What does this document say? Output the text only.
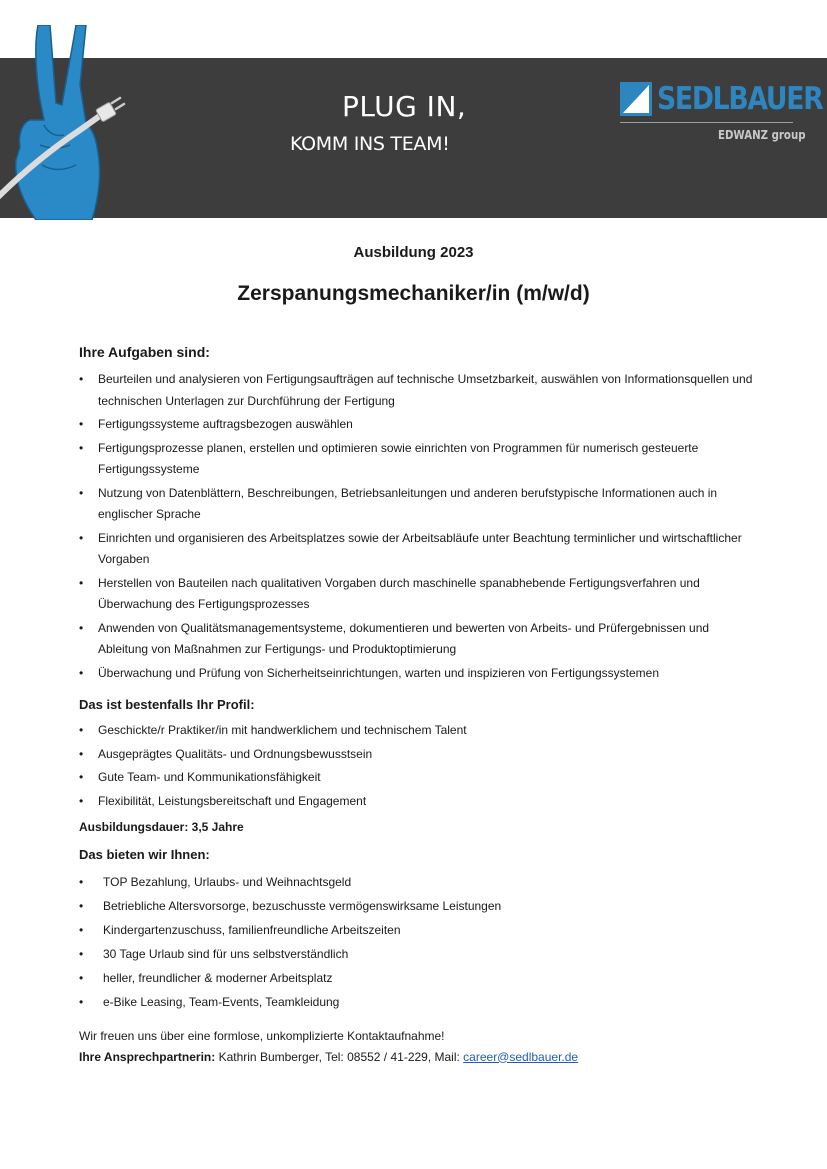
PLUG IN,
KOMM INS TEAM!
SEDLBAUER
EDWANZ group
Ausbildung 2023
Zerspanungsmechaniker/in (m/w/d)
Ihre Aufgaben sind:
• Beurteilen und analysieren von Fertigungsaufträgen auf technische Umsetzbarkeit, auswählen von Informationsquellen und technischen Unterlagen zur Durchführung der Fertigung
• Fertigungssysteme auftragsbezogen auswählen
• Fertigungsprozesse planen, erstellen und optimieren sowie einrichten von Programmen für numerisch gesteuerte Fertigungssysteme
• Nutzung von Datenblättern, Beschreibungen, Betriebsanleitungen und anderen berufstypische Informationen auch in englischer Sprache
• Einrichten und organisieren des Arbeitsplatzes sowie der Arbeitsabläufe unter Beachtung terminlicher und wirtschaftlicher Vorgaben
• Herstellen von Bauteilen nach qualitativen Vorgaben durch maschinelle spanabhebende Fertigungsverfahren und Überwachung des Fertigungsprozesses
• Anwenden von Qualitätsmanagementsysteme, dokumentieren und bewerten von Arbeits- und Prüfergebnissen und Ableitung von Maßnahmen zur Fertigungs- und Produktoptimierung
• Überwachung und Prüfung von Sicherheitseinrichtungen, warten und inspizieren von Fertigungssystemen
Das ist bestenfalls Ihr Profil:
• Geschickte/r Praktiker/in mit handwerklichem und technischem Talent
• Ausgeprägtes Qualitäts- und Ordnungsbewusstsein
• Gute Team- und Kommunikationsfähigkeit
• Flexibilität, Leistungsbereitschaft und Engagement
Ausbildungsdauer: 3,5 Jahre
Das bieten wir Ihnen:
• TOP Bezahlung, Urlaubs- und Weihnachtsgeld
• Betriebliche Altersvorsorge, bezuschusste vermögenswirksame Leistungen
• Kindergartenzuschuss, familienfreundliche Arbeitszeiten
• 30 Tage Urlaub sind für uns selbstverständlich
• heller, freundlicher & moderner Arbeitsplatz
• e-Bike Leasing, Team-Events, Teamkleidung
Wir freuen uns über eine formlose, unkomplizierte Kontaktaufnahme!
Ihre Ansprechpartnerin: Kathrin Bumberger, Tel: 08552 / 41-229, Mail: career@sedlbauer.de
